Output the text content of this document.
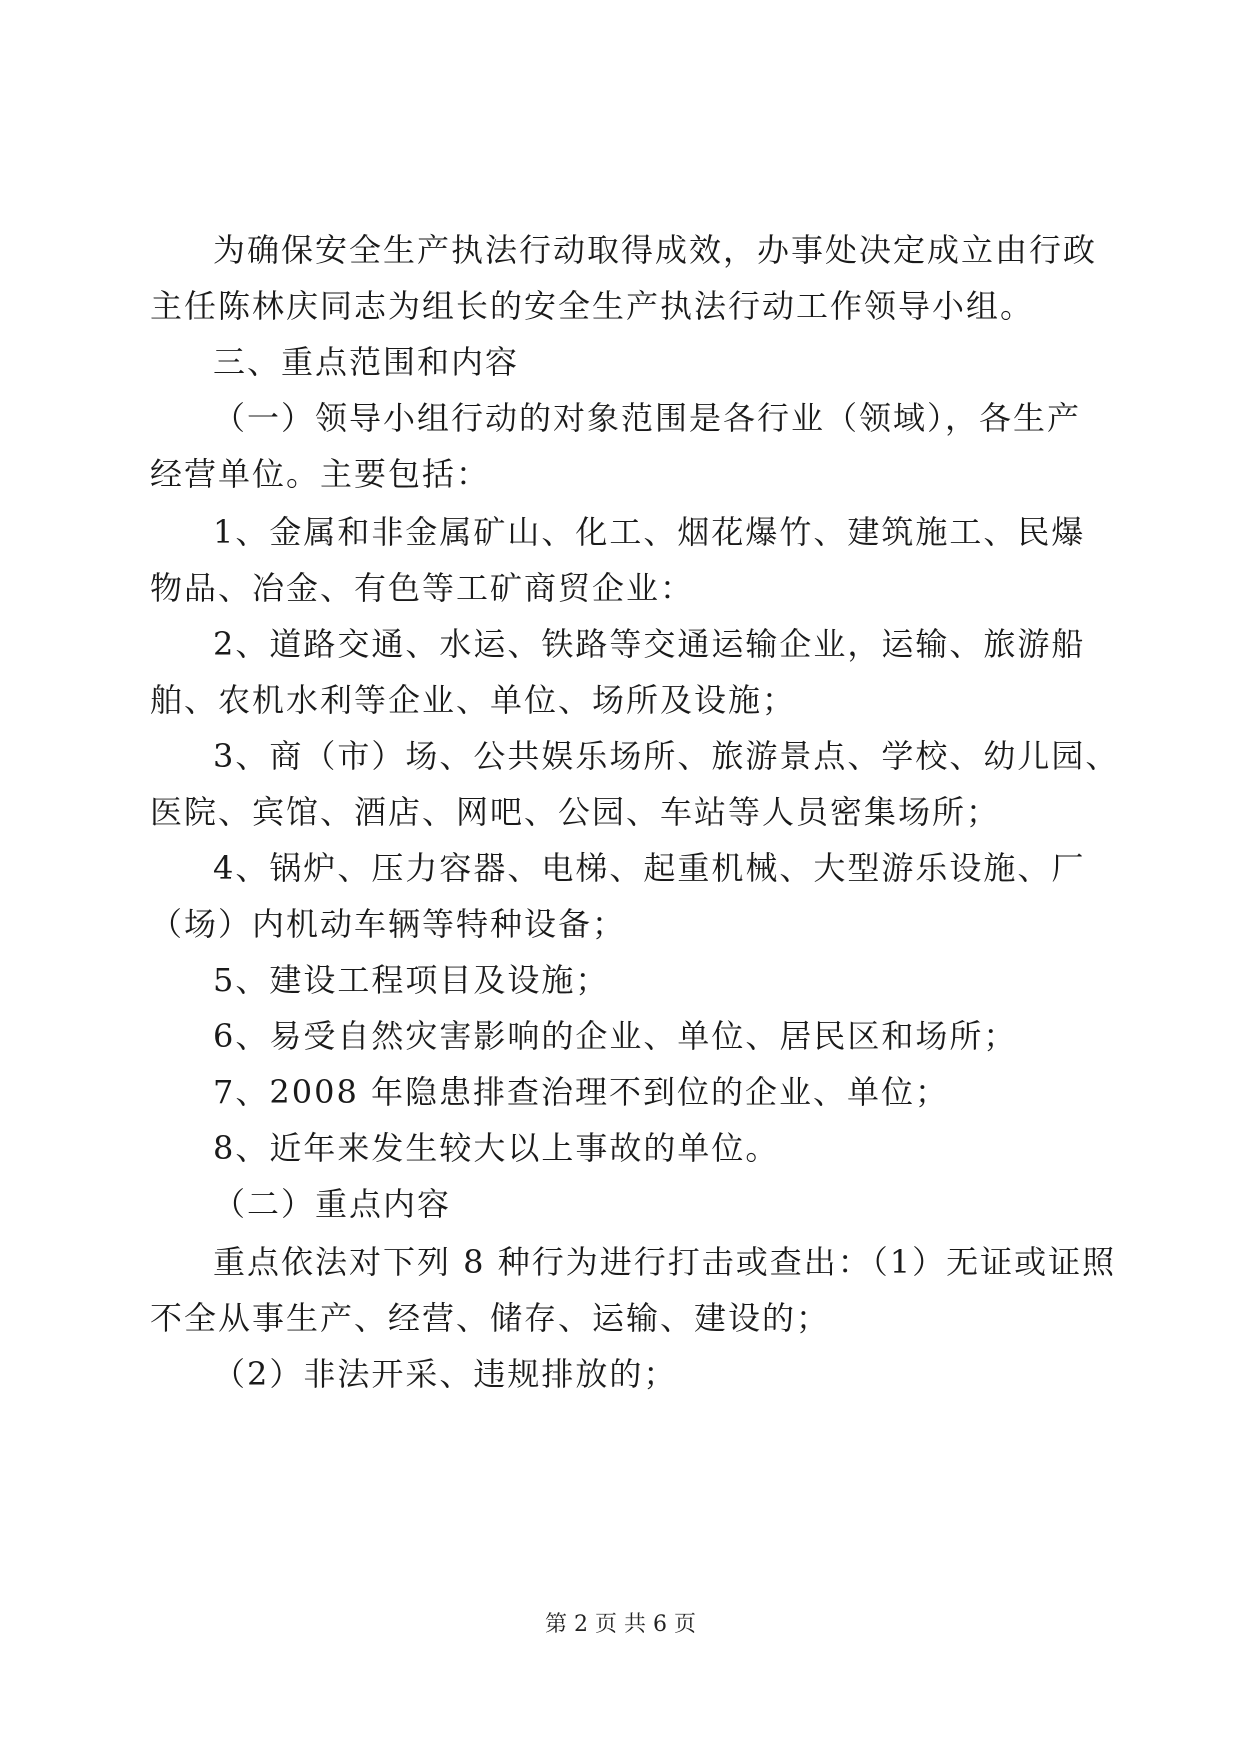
为确保安全生产执法行动取得成效，办事处决定成立由行政
主任陈林庆同志为组长的安全生产执法行动工作领导小组。
三、重点范围和内容
（一）领导小组行动的对象范围是各行业（领域），各生产
经营单位。主要包括：
1、金属和非金属矿山、化工、烟花爆竹、建筑施工、民爆
物品、冶金、有色等工矿商贸企业：
2、道路交通、水运、铁路等交通运输企业，运输、旅游船
舶、农机水利等企业、单位、场所及设施；
3、商（市）场、公共娱乐场所、旅游景点、学校、幼儿园、
医院、宾馆、酒店、网吧、公园、车站等人员密集场所；
4、锅炉、压力容器、电梯、起重机械、大型游乐设施、厂
（场）内机动车辆等特种设备；
5、建设工程项目及设施；
6、易受自然灾害影响的企业、单位、居民区和场所；
7、2008 年隐患排查治理不到位的企业、单位；
8、近年来发生较大以上事故的单位。
（二）重点内容
重点依法对下列 8 种行为进行打击或查出：（1）无证或证照
不全从事生产、经营、储存、运输、建设的；
（2）非法开采、违规排放的；
第 2 页 共 6 页
